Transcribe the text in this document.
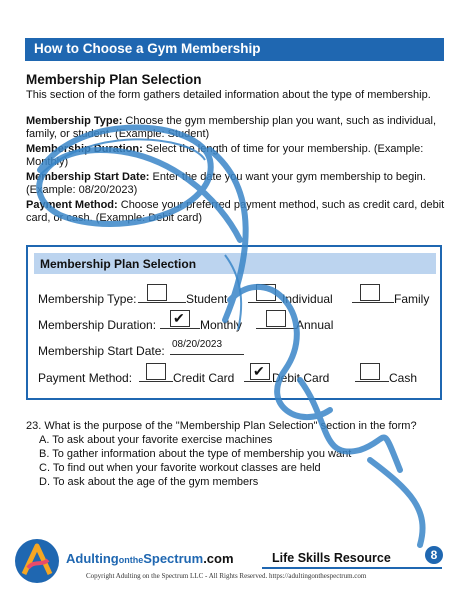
How to Choose a Gym Membership
Membership Plan Selection
This section of the form gathers detailed information about the type of membership.
Membership Type: Choose the gym membership plan you want, such as individual,
family, or student. (Example: Student)
Membership Duration: Select the length of time for your membership. (Example:
Monthly)
Membership Start Date: Enter the date you want your gym membership to begin.
(Example: 08/20/2023)
Payment Method: Choose your preferred payment method, such as credit card, debit
card, or cash. (Example: Debit card)
Membership Plan Selection
Membership Type:	Student	Individual	Family
Membership Duration: ✔ Monthly	Annual
Membership Start Date: 08/20/2023
Payment Method:	Credit Card ✔ Debit Card	Cash
23. What is the purpose of the "Membership Plan Selection" section in the form?
A. To ask about your favorite exercise machines
B. To gather information about the type of membership you want
C. To find out when your favorite workout classes are held
D. To ask about the age of the gym members
AdultingontheSpectrum.com	Life Skills Resource	8
Copyright Adulting on the Spectrum LLC - All Rights Reserved. https://adultingonthespectrum.com
